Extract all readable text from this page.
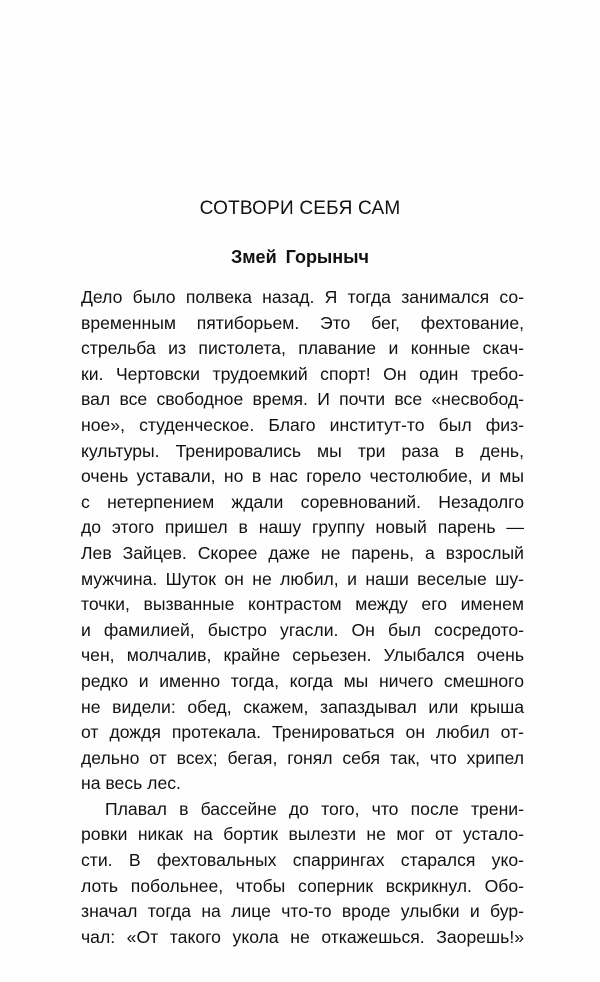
СОТВОРИ СЕБЯ САМ
Змей Горыныч
Дело было полвека назад. Я тогда занимался со-
временным пятиборьем. Это бег, фехтование,
стрельба из пистолета, плавание и конные скач-
ки. Чертовски трудоемкий спорт! Он один требо-
вал все свободное время. И почти все «несвобод-
ное», студенческое. Благо институт-то был физ-
культуры. Тренировались мы три раза в день,
очень уставали, но в нас горело честолюбие, и мы
с нетерпением ждали соревнований. Незадолго
до этого пришел в нашу группу новый парень —
Лев Зайцев. Скорее даже не парень, а взрослый
мужчина. Шуток он не любил, и наши веселые шу-
точки, вызванные контрастом между его именем
и фамилией, быстро угасли. Он был сосредото-
чен, молчалив, крайне серьезен. Улыбался очень
редко и именно тогда, когда мы ничего смешного
не видели: обед, скажем, запаздывал или крыша
от дождя протекала. Тренироваться он любил от-
дельно от всех; бегая, гонял себя так, что хрипел
на весь лес.
Плавал в бассейне до того, что после трени-
ровки никак на бортик вылезти не мог от устало-
сти. В фехтовальных спаррингах старался уко-
лоть побольнее, чтобы соперник вскрикнул. Обо-
значал тогда на лице что-то вроде улыбки и бур-
чал: «От такого укола не откажешься. Заорешь!»
